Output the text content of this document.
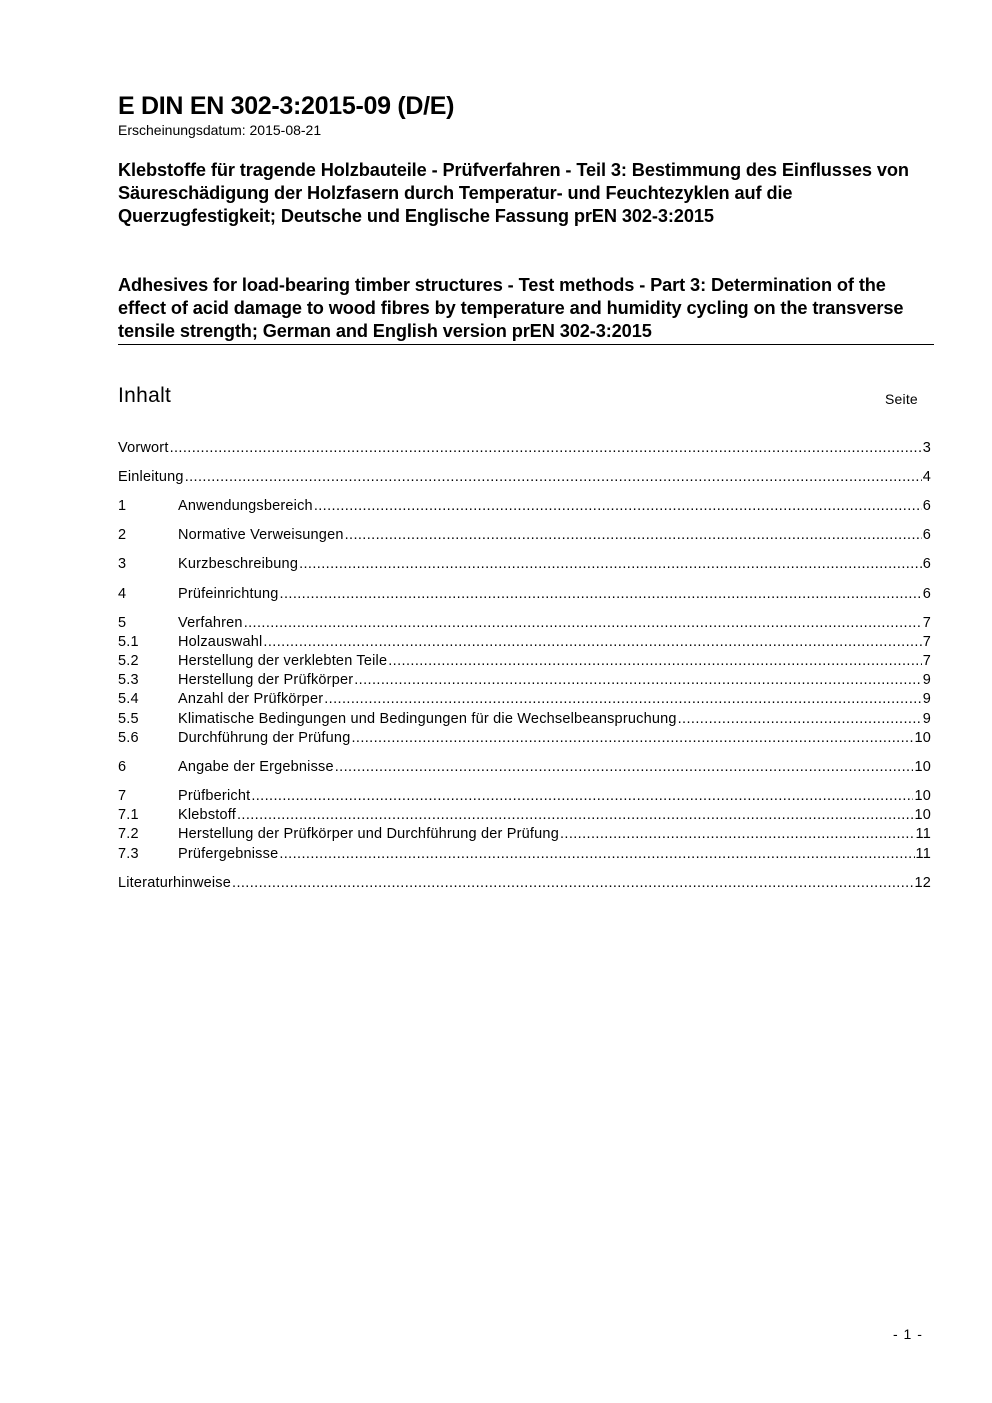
E DIN EN 302-3:2015-09 (D/E)
Erscheinungsdatum: 2015-08-21
Klebstoffe für tragende Holzbauteile - Prüfverfahren - Teil 3: Bestimmung des Einflusses von Säureschädigung der Holzfasern durch Temperatur- und Feuchtezyklen auf die Querzugfestigkeit; Deutsche und Englische Fassung prEN 302-3:2015
Adhesives for load-bearing timber structures - Test methods - Part 3: Determination of the effect of acid damage to wood fibres by temperature and humidity cycling on the transverse tensile strength; German and English version prEN 302-3:2015
Inhalt	Seite
Vorwort .....	3
Einleitung .....	4
1	Anwendungsbereich .....	6
2	Normative Verweisungen .....	6
3	Kurzbeschreibung .....	6
4	Prüfeinrichtung .....	6
5	Verfahren .....	7
5.1	Holzauswahl .....	7
5.2	Herstellung der verklebten Teile .....	7
5.3	Herstellung der Prüfkörper .....	9
5.4	Anzahl der Prüfkörper .....	9
5.5	Klimatische Bedingungen und Bedingungen für die Wechselbeanspruchung .....	9
5.6	Durchführung der Prüfung .....	10
6	Angabe der Ergebnisse .....	10
7	Prüfbericht .....	10
7.1	Klebstoff .....	10
7.2	Herstellung der Prüfkörper und Durchführung der Prüfung .....	11
7.3	Prüfergebnisse .....	11
Literaturhinweise .....	12
- 1 -
